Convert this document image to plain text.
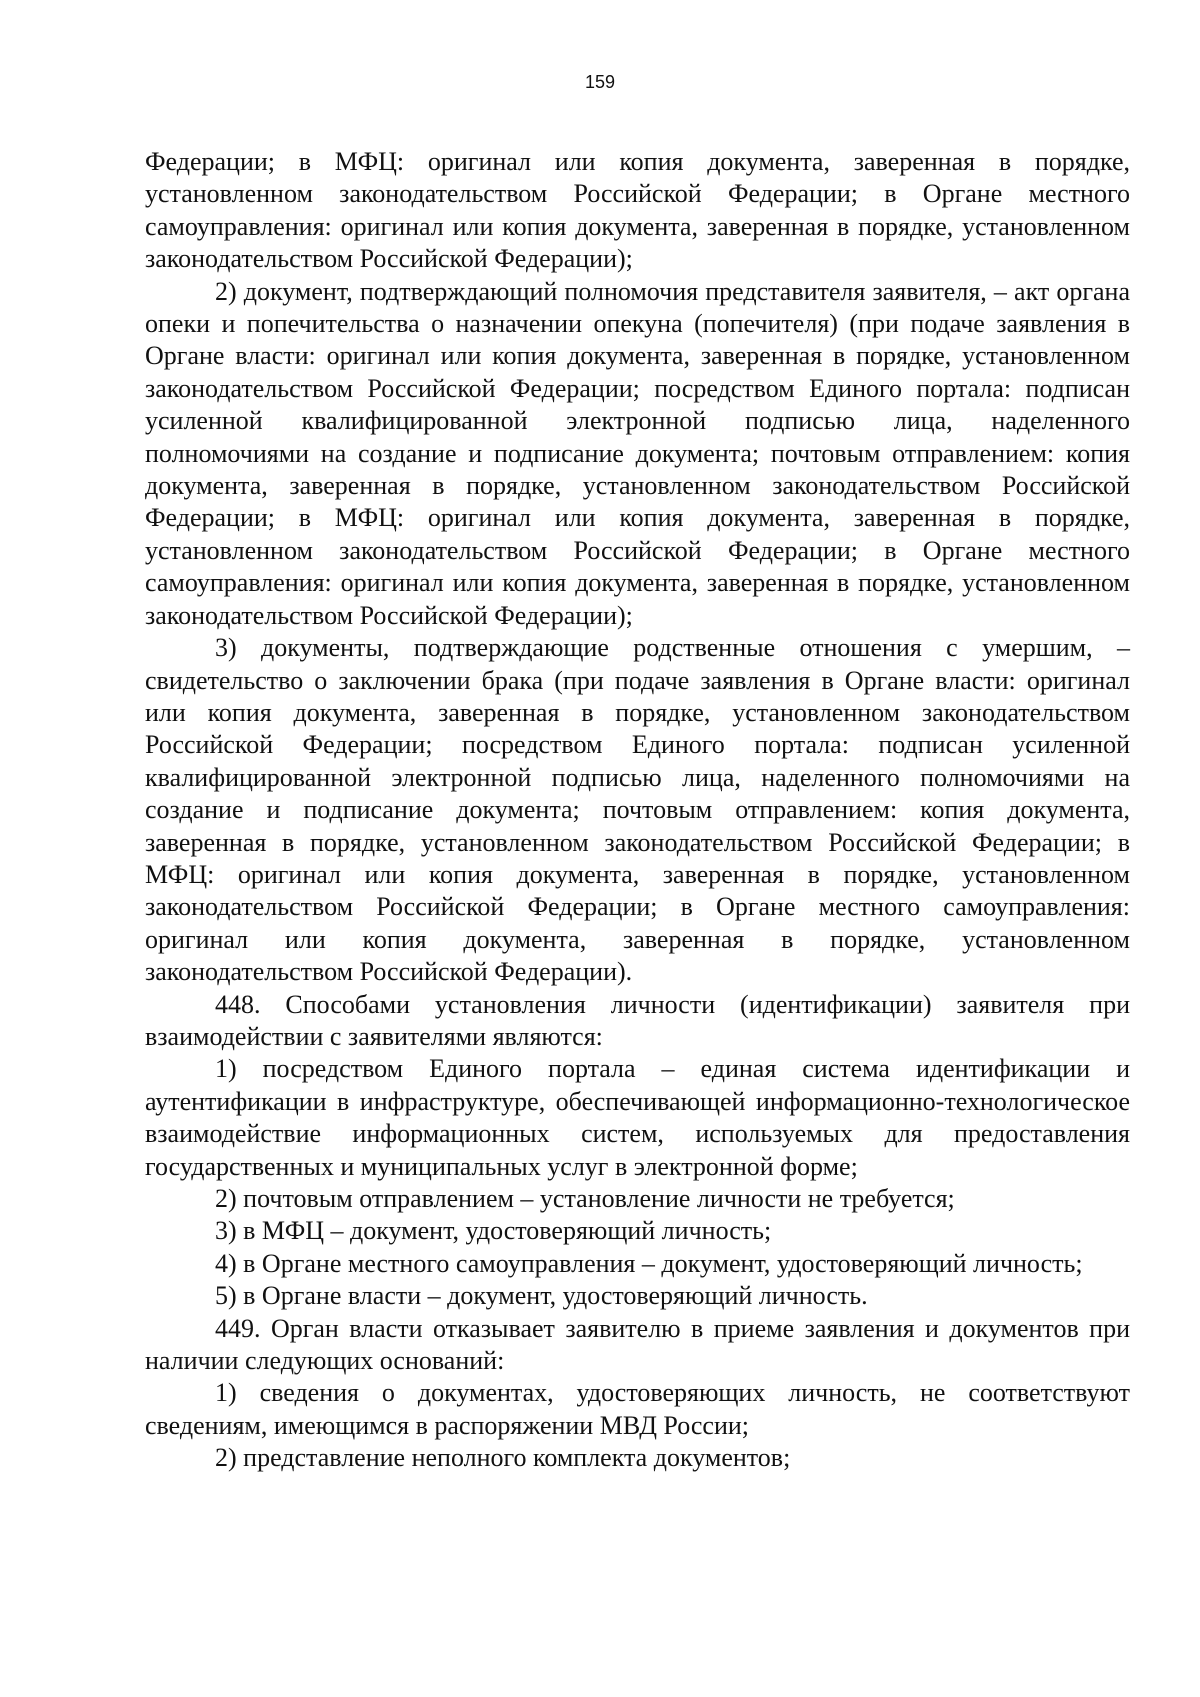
159

Федерации; в МФЦ: оригинал или копия документа, заверенная в порядке, установленном законодательством Российской Федерации; в Органе местного самоуправления: оригинал или копия документа, заверенная в порядке, установленном законодательством Российской Федерации);

2) документ, подтверждающий полномочия представителя заявителя, – акт органа опеки и попечительства о назначении опекуна (попечителя) (при подаче заявления в Органе власти: оригинал или копия документа, заверенная в порядке, установленном законодательством Российской Федерации; посредством Единого портала: подписан усиленной квалифицированной электронной подписью лица, наделенного полномочиями на создание и подписание документа; почтовым отправлением: копия документа, заверенная в порядке, установленном законодательством Российской Федерации; в МФЦ: оригинал или копия документа, заверенная в порядке, установленном законодательством Российской Федерации; в Органе местного самоуправления: оригинал или копия документа, заверенная в порядке, установленном законодательством Российской Федерации);

3) документы, подтверждающие родственные отношения с умершим, – свидетельство о заключении брака (при подаче заявления в Органе власти: оригинал или копия документа, заверенная в порядке, установленном законодательством Российской Федерации; посредством Единого портала: подписан усиленной квалифицированной электронной подписью лица, наделенного полномочиями на создание и подписание документа; почтовым отправлением: копия документа, заверенная в порядке, установленном законодательством Российской Федерации; в МФЦ: оригинал или копия документа, заверенная в порядке, установленном законодательством Российской Федерации; в Органе местного самоуправления: оригинал или копия документа, заверенная в порядке, установленном законодательством Российской Федерации).

448. Способами установления личности (идентификации) заявителя при взаимодействии с заявителями являются:

1) посредством Единого портала – единая система идентификации и аутентификации в инфраструктуре, обеспечивающей информационно-технологическое взаимодействие информационных систем, используемых для предоставления государственных и муниципальных услуг в электронной форме;

2) почтовым отправлением – установление личности не требуется;

3) в МФЦ – документ, удостоверяющий личность;

4) в Органе местного самоуправления – документ, удостоверяющий личность;

5) в Органе власти – документ, удостоверяющий личность.

449. Орган власти отказывает заявителю в приеме заявления и документов при наличии следующих оснований:

1) сведения о документах, удостоверяющих личность, не соответствуют сведениям, имеющимся в распоряжении МВД России;

2) представление неполного комплекта документов;
